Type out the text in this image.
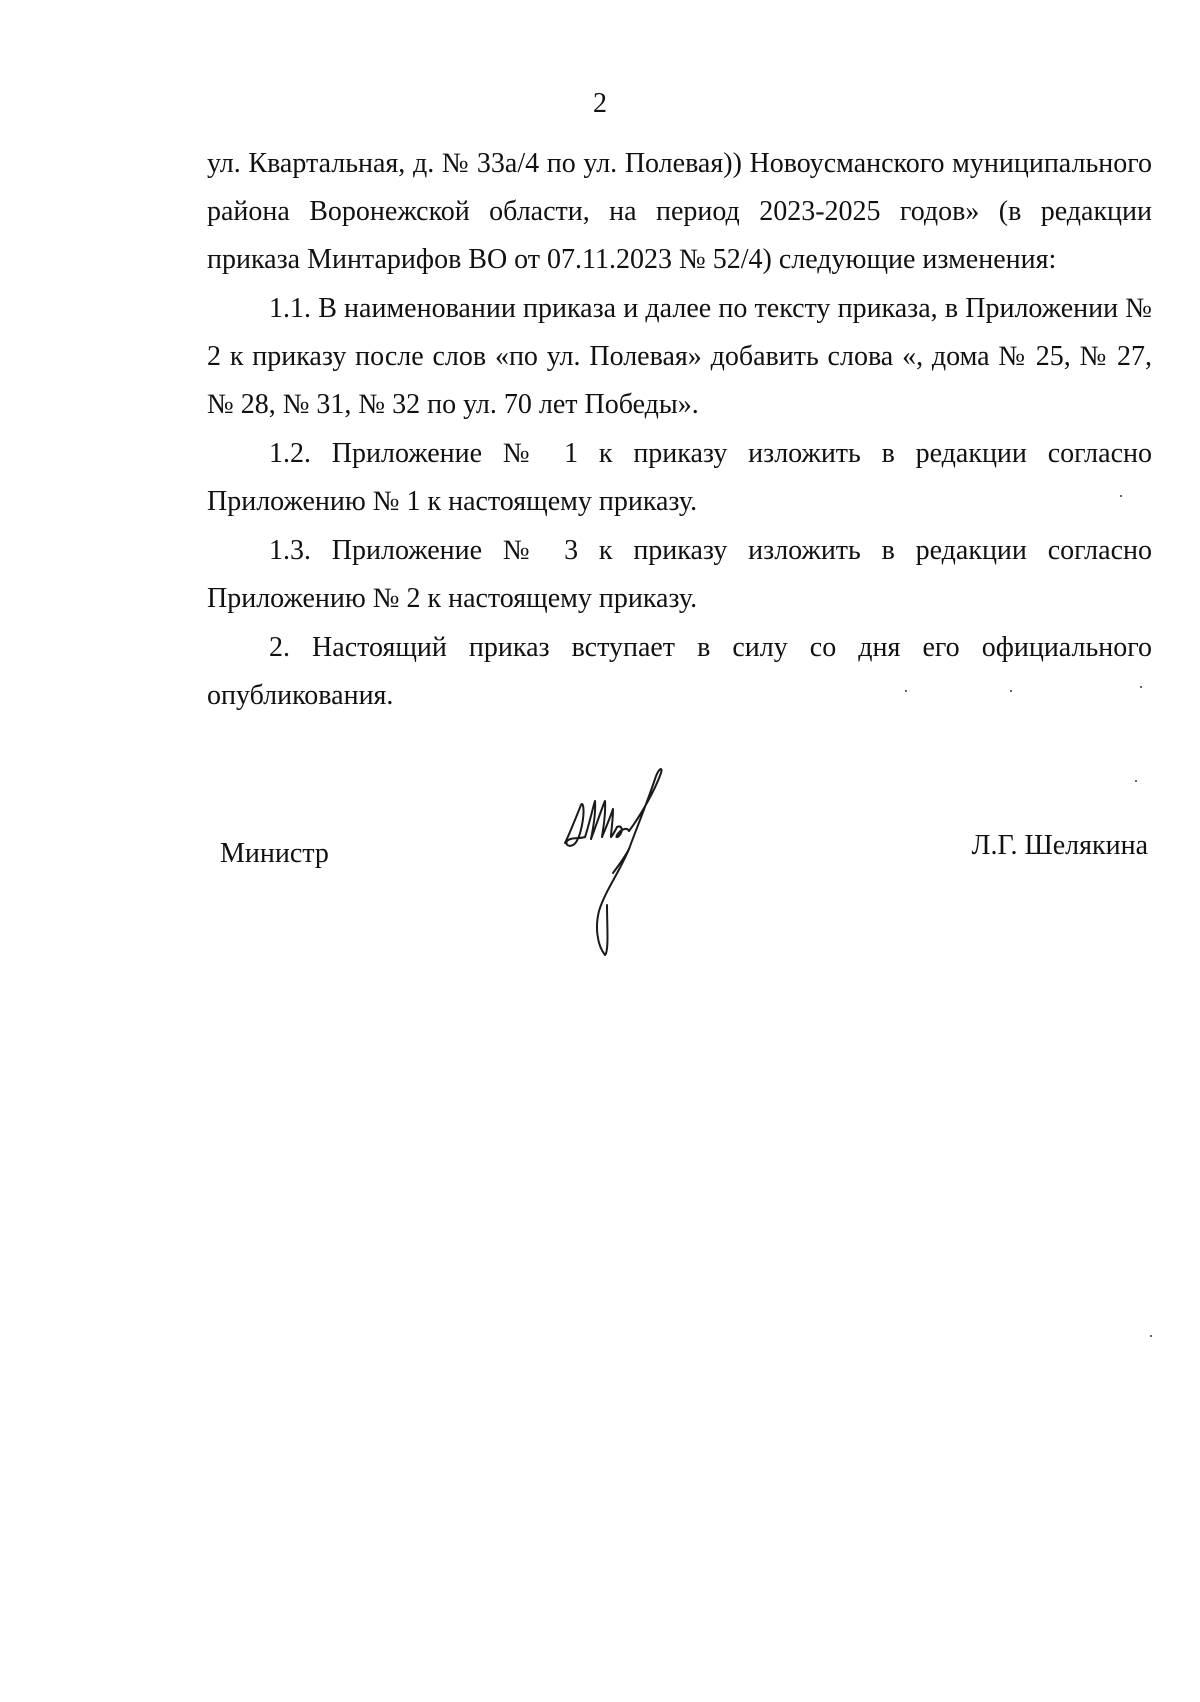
2

ул. Квартальная, д. № 33а/4 по ул. Полевая)) Новоусманского муниципального района Воронежской области, на период 2023-2025 годов» (в редакции приказа Минтарифов ВО от 07.11.2023 № 52/4) следующие изменения:

1.1. В наименовании приказа и далее по тексту приказа, в Приложении № 2 к приказу после слов «по ул. Полевая» добавить слова «, дома № 25, № 27, № 28, № 31, № 32 по ул. 70 лет Победы».

1.2. Приложение № 1 к приказу изложить в редакции согласно Приложению № 1 к настоящему приказу.

1.3. Приложение № 3 к приказу изложить в редакции согласно Приложению № 2 к настоящему приказу.

2. Настоящий приказ вступает в силу со дня его официального опубликования.

Министр	Л.Г. Шелякина
